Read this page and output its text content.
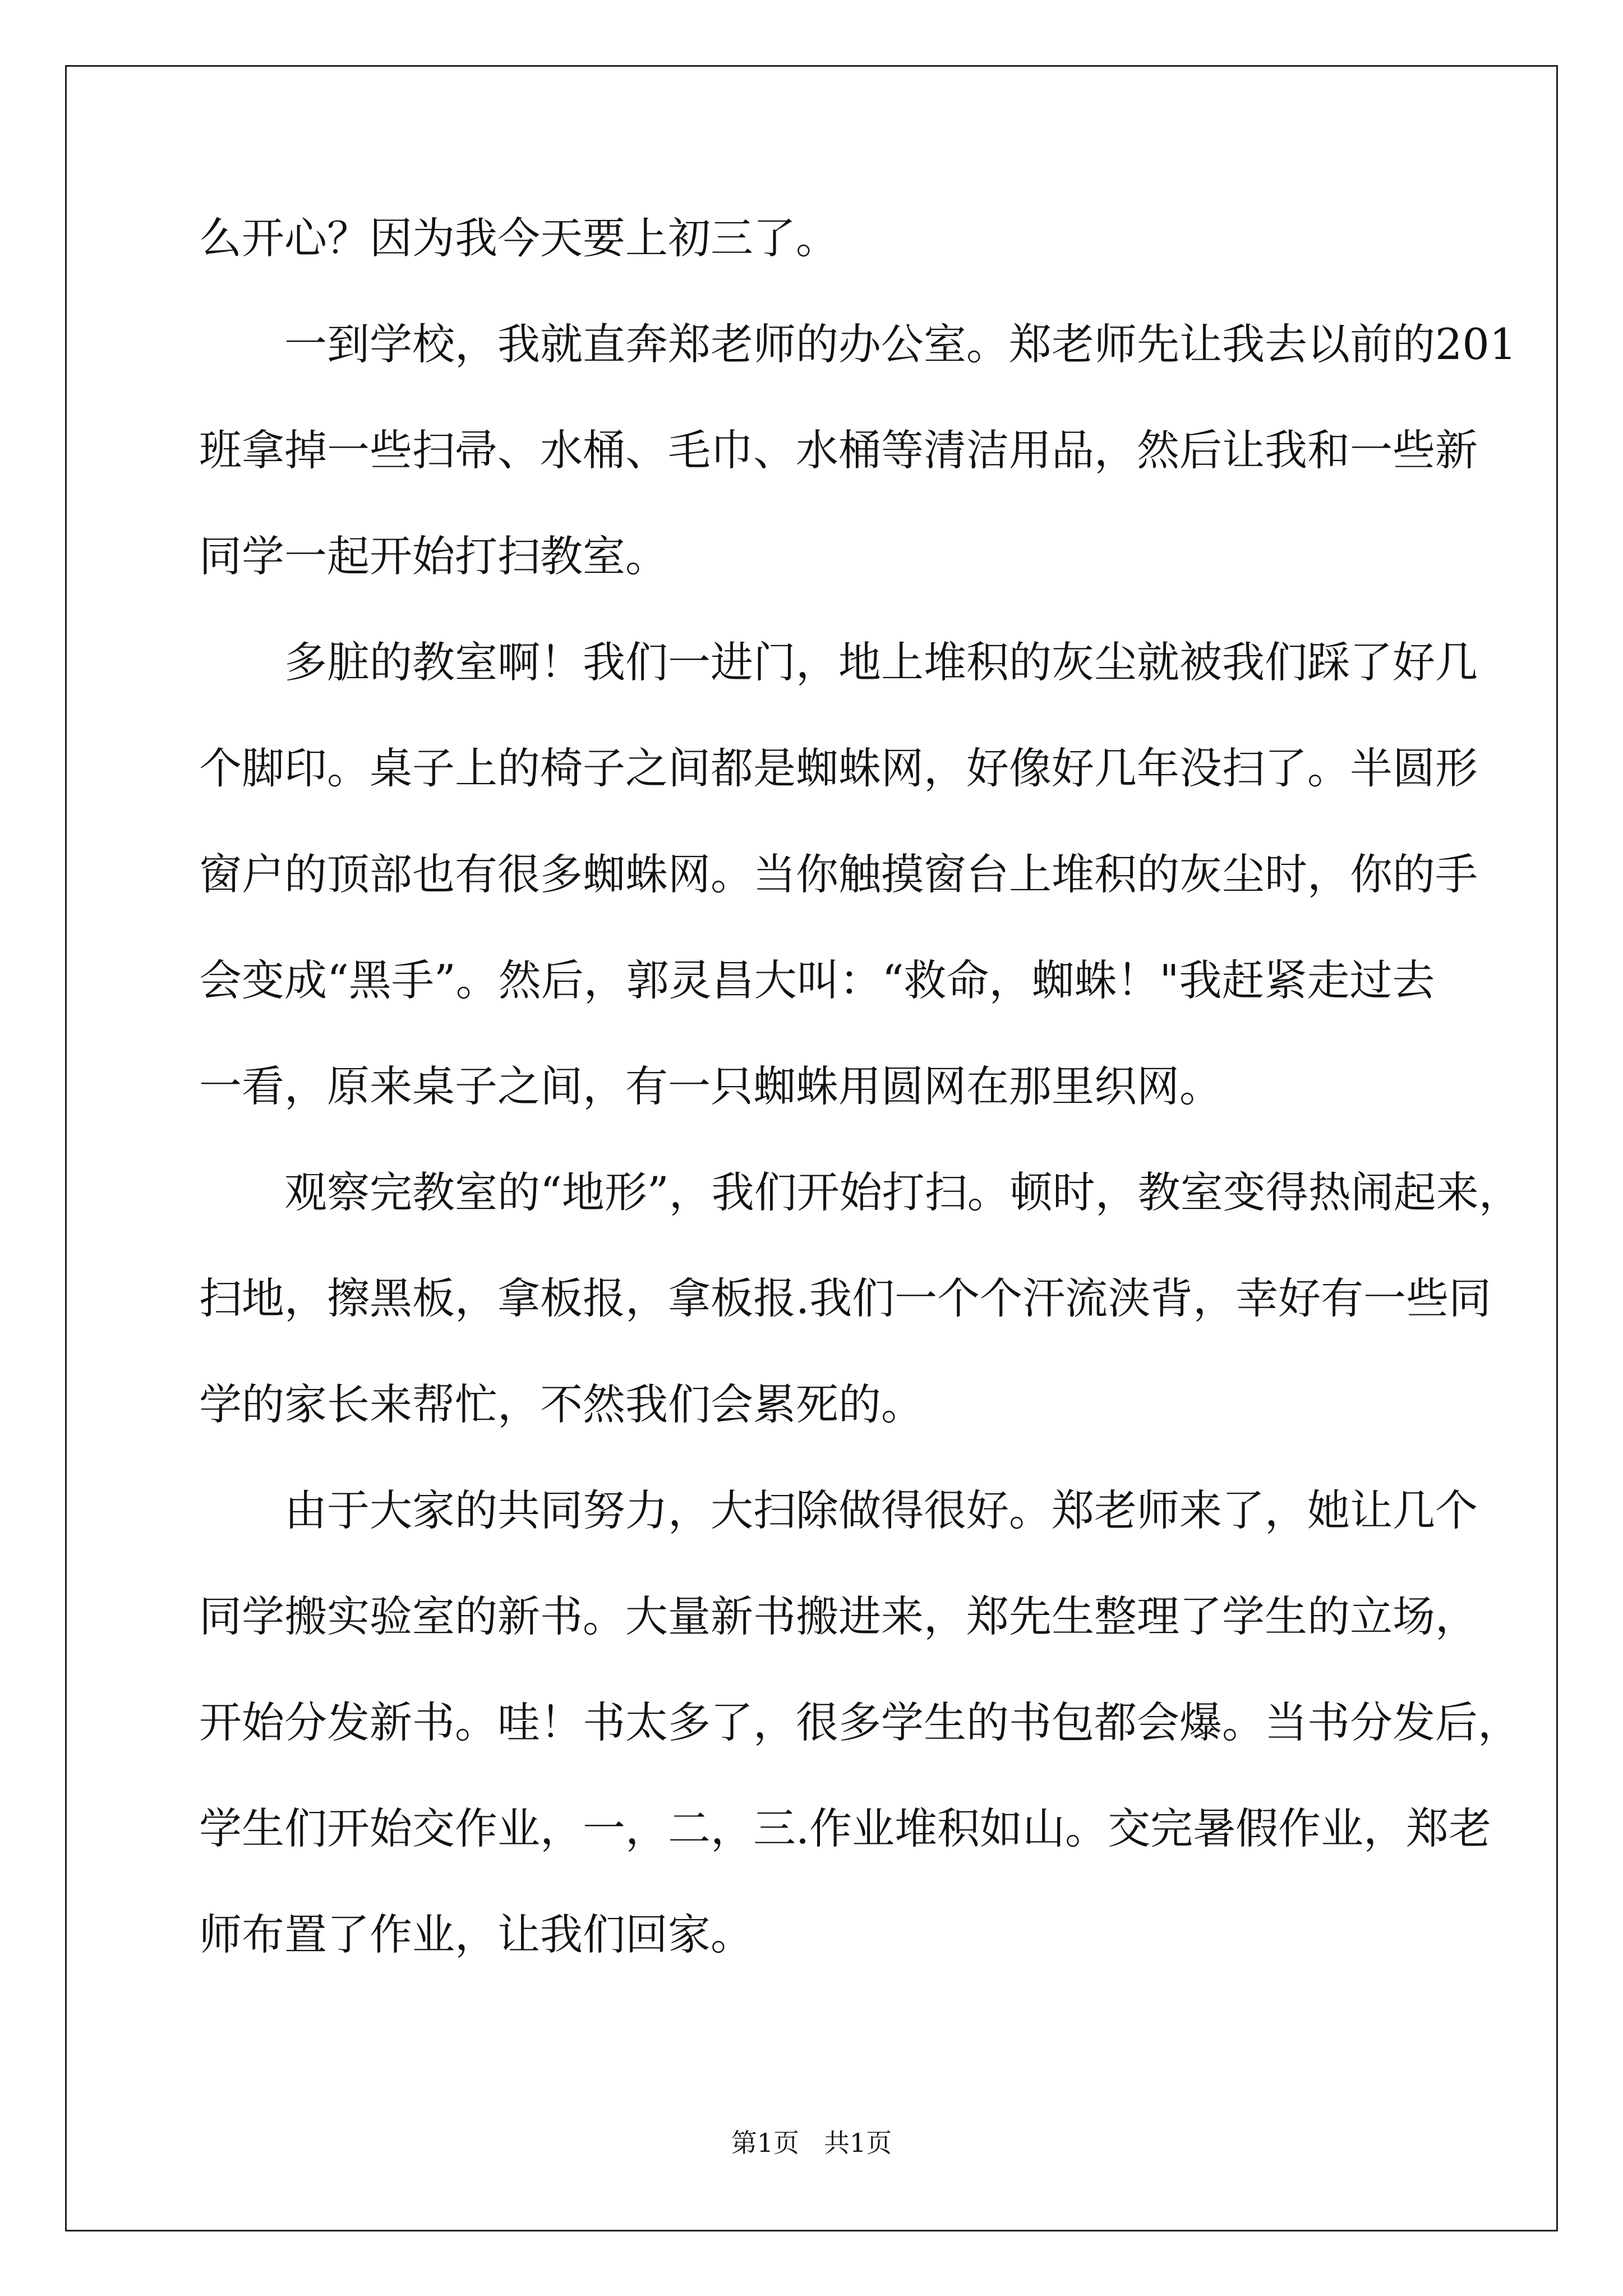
么开心？因为我今天要上初三了。

一到学校，我就直奔郑老师的办公室。郑老师先让我去以前的201
班拿掉一些扫帚、水桶、毛巾、水桶等清洁用品，然后让我和一些新
同学一起开始打扫教室。

多脏的教室啊！我们一进门，地上堆积的灰尘就被我们踩了好几
个脚印。桌子上的椅子之间都是蜘蛛网，好像好几年没扫了。半圆形
窗户的顶部也有很多蜘蛛网。当你触摸窗台上堆积的灰尘时，你的手
会变成“黑手”。然后，郭灵昌大叫：“救命，蜘蛛！"我赶紧走过去
一看，原来桌子之间，有一只蜘蛛用圆网在那里织网。

观察完教室的“地形”，我们开始打扫。顿时，教室变得热闹起来，
扫地，擦黑板，拿板报，拿板报.我们一个个汗流浃背，幸好有一些同
学的家长来帮忙，不然我们会累死的。

由于大家的共同努力，大扫除做得很好。郑老师来了，她让几个
同学搬实验室的新书。大量新书搬进来，郑先生整理了学生的立场，
开始分发新书。哇！书太多了，很多学生的书包都会爆。当书分发后，
学生们开始交作业，一，二，三.作业堆积如山。交完暑假作业，郑老
师布置了作业，让我们回家。

第1页 共1页
